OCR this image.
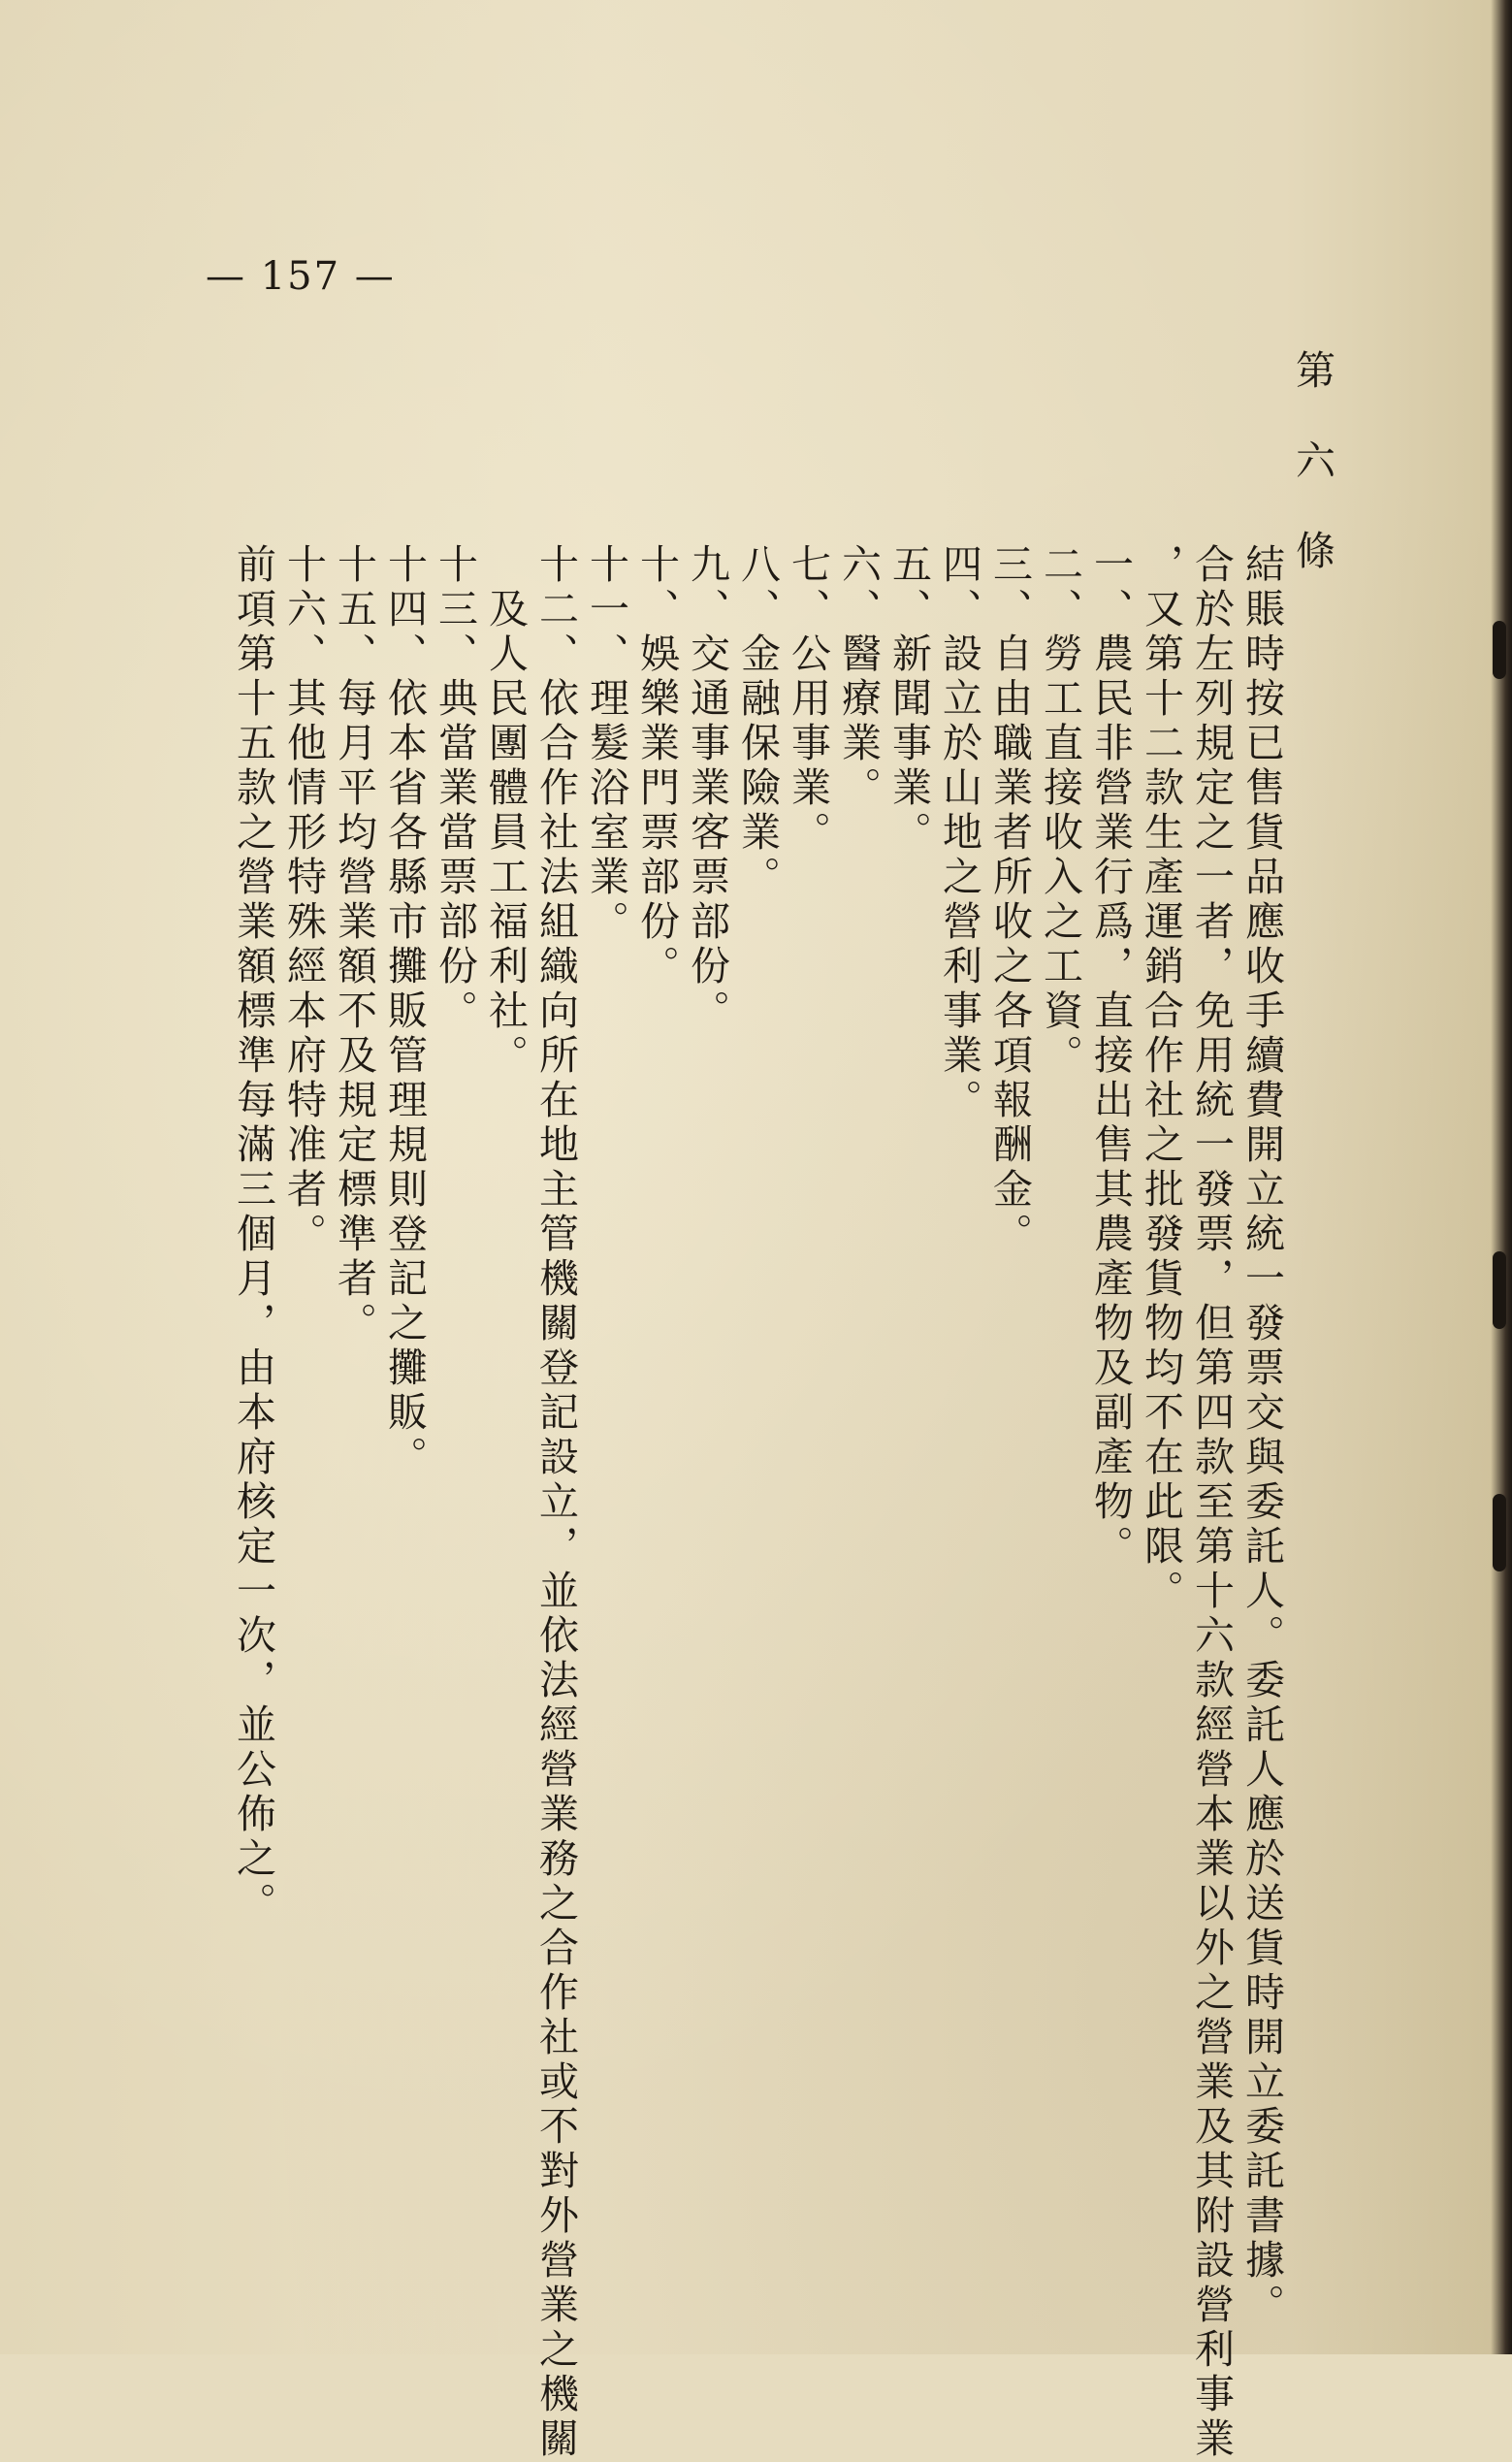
— 157 —
第六條
結賬時按已售貨品應收手續費開立統一發票交與委託人。委託人應於送貨時開立委託書據。
合於左列規定之一者，免用統一發票，但第四款至第十六款經營本業以外之營業及其附設營利事業
，又第十二款生產運銷合作社之批發貨物均不在此限。
一、農民非營業行爲，直接出售其農產物及副產物。
二、勞工直接收入之工資。
三、自由職業者所收之各項報酬金。
四、設立於山地之營利事業。
五、新聞事業。
六、醫療業。
七、公用事業。
八、金融保險業。
九、交通事業客票部份。
十、娛樂業門票部份。
十一、理髮浴室業。
十二、依合作社法組織向所在地主管機關登記設立，並依法經營業務之合作社或不對外營業之機關
及人民團體員工福利社。
十三、典當業當票部份。
十四、依本省各縣市攤販管理規則登記之攤販。
十五、每月平均營業額不及規定標準者。
十六、其他情形特殊經本府特准者。
前項第十五款之營業額標準每滿三個月，由本府核定一次，並公佈之。
